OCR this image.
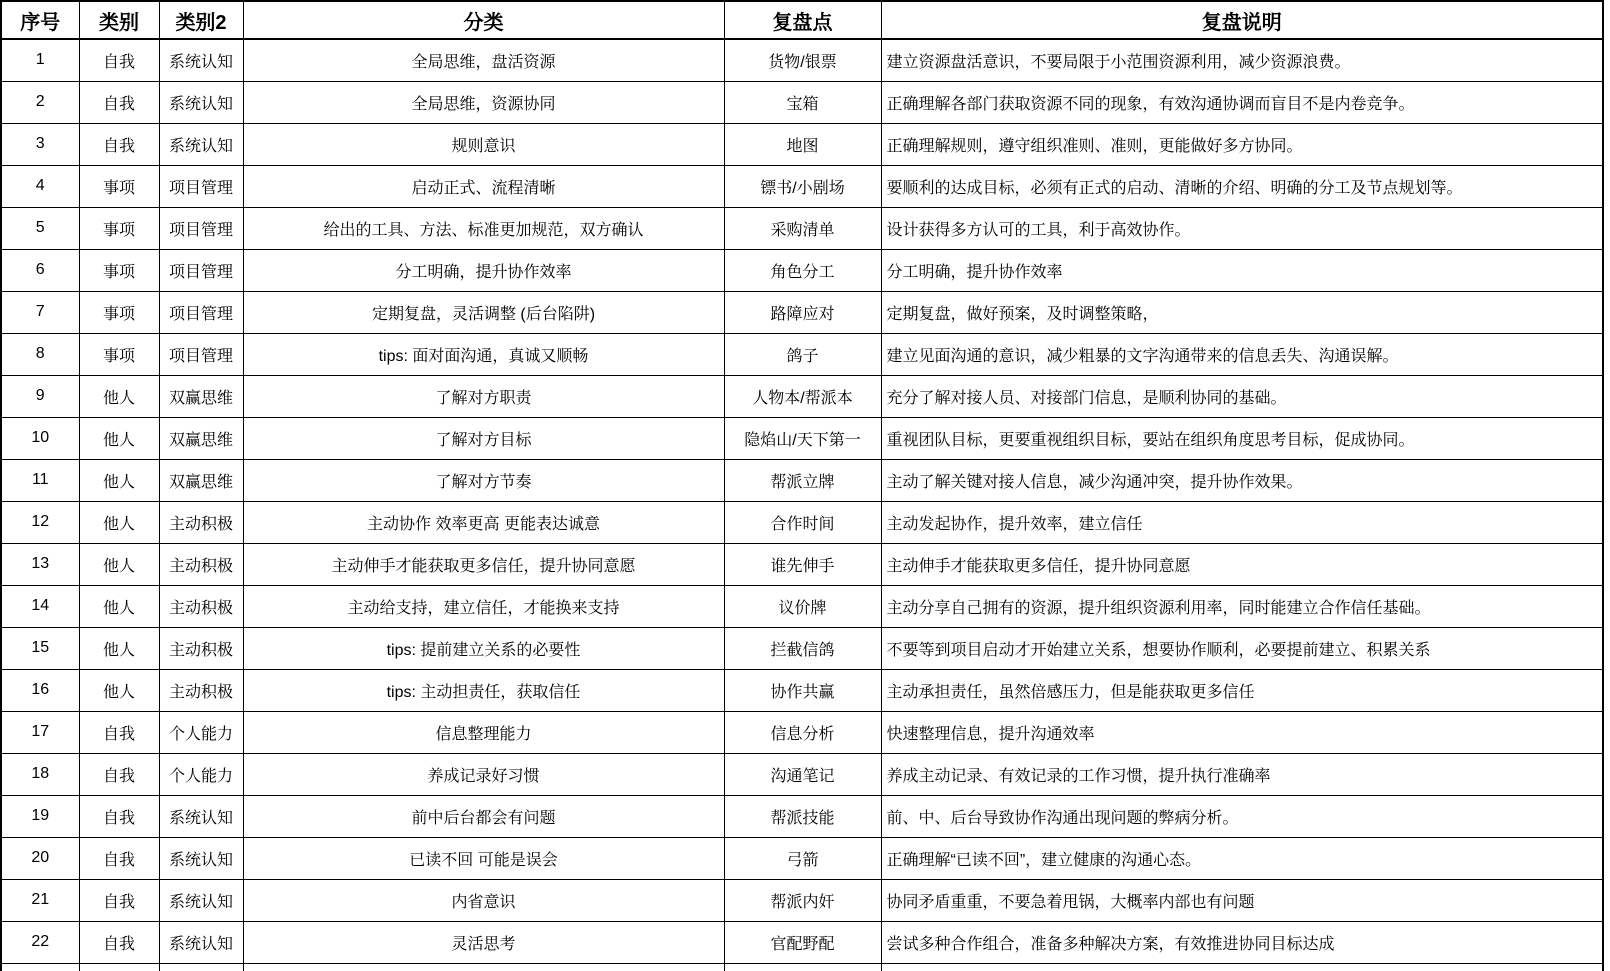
序号	类别	类别2	分类	复盘点	复盘说明
1	自我	系统认知	全局思维，盘活资源	货物/银票	建立资源盘活意识，不要局限于小范围资源利用，减少资源浪费。
2	自我	系统认知	全局思维，资源协同	宝箱	正确理解各部门获取资源不同的现象，有效沟通协调而盲目不是内卷竞争。
3	自我	系统认知	规则意识	地图	正确理解规则，遵守组织准则、准则，更能做好多方协同。
4	事项	项目管理	启动正式、流程清晰	镖书/小剧场	要顺利的达成目标，必须有正式的启动、清晰的介绍、明确的分工及节点规划等。
5	事项	项目管理	给出的工具、方法、标准更加规范，双方确认	采购清单	设计获得多方认可的工具，利于高效协作。
6	事项	项目管理	分工明确，提升协作效率	角色分工	分工明确，提升协作效率
7	事项	项目管理	定期复盘，灵活调整 (后台陷阱)	路障应对	定期复盘，做好预案，及时调整策略，
8	事项	项目管理	tips: 面对面沟通，真诚又顺畅	鸽子	建立见面沟通的意识，减少粗暴的文字沟通带来的信息丢失、沟通误解。
9	他人	双赢思维	了解对方职责	人物本/帮派本	充分了解对接人员、对接部门信息，是顺利协同的基础。
10	他人	双赢思维	了解对方目标	隐焰山/天下第一	重视团队目标，更要重视组织目标，要站在组织角度思考目标，促成协同。
11	他人	双赢思维	了解对方节奏	帮派立牌	主动了解关键对接人信息，减少沟通冲突，提升协作效果。
12	他人	主动积极	主动协作 效率更高 更能表达诚意	合作时间	主动发起协作，提升效率，建立信任
13	他人	主动积极	主动伸手才能获取更多信任，提升协同意愿	谁先伸手	主动伸手才能获取更多信任，提升协同意愿
14	他人	主动积极	主动给支持，建立信任，才能换来支持	议价牌	主动分享自己拥有的资源，提升组织资源利用率，同时能建立合作信任基础。
15	他人	主动积极	tips: 提前建立关系的必要性	拦截信鸽	不要等到项目启动才开始建立关系，想要协作顺利，必要提前建立、积累关系
16	他人	主动积极	tips: 主动担责任，获取信任	协作共赢	主动承担责任，虽然倍感压力，但是能获取更多信任
17	自我	个人能力	信息整理能力	信息分析	快速整理信息，提升沟通效率
18	自我	个人能力	养成记录好习惯	沟通笔记	养成主动记录、有效记录的工作习惯，提升执行准确率
19	自我	系统认知	前中后台都会有问题	帮派技能	前、中、后台导致协作沟通出现问题的弊病分析。
20	自我	系统认知	已读不回 可能是误会	弓箭	正确理解“已读不回”，建立健康的沟通心态。
21	自我	系统认知	内省意识	帮派内奸	协同矛盾重重，不要急着甩锅，大概率内部也有问题
22	自我	系统认知	灵活思考	官配野配	尝试多种合作组合，准备多种解决方案，有效推进协同目标达成
